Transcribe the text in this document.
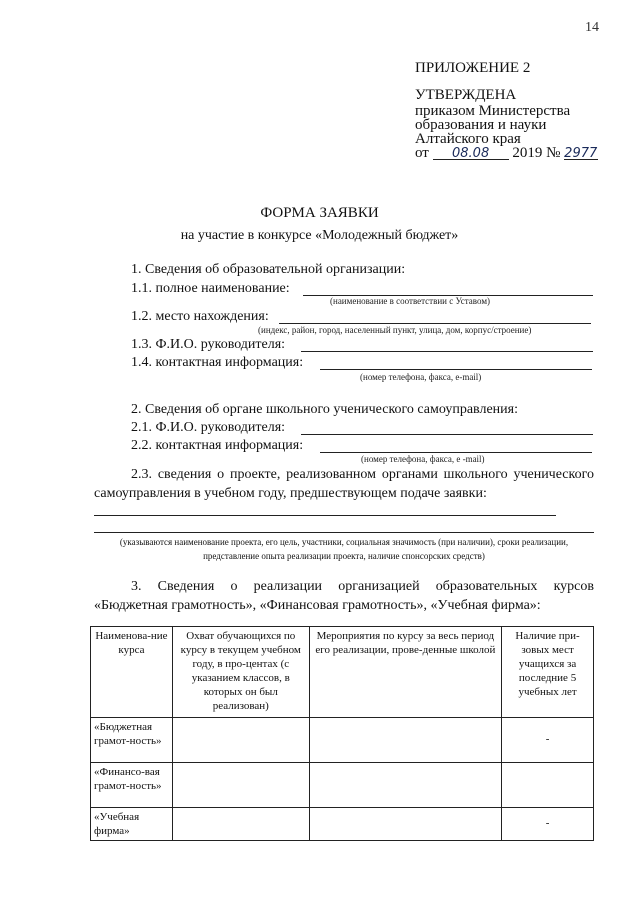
14
ПРИЛОЖЕНИЕ 2
УТВЕРЖДЕНА
приказом Министерства
образования и науки
Алтайского края
от 08.08 2019 № 2977
ФОРМА ЗАЯВКИ
на участие в конкурсе «Молодежный бюджет»
1. Сведения об образовательной организации:
1.1. полное наименование:
(наименование в соответствии с Уставом)
1.2. место нахождения:
(индекс, район, город, населенный пункт, улица, дом, корпус/строение)
1.3. Ф.И.О. руководителя:
1.4. контактная информация:
(номер телефона, факса, e-mail)
2. Сведения об органе школьного ученического самоуправления:
2.1. Ф.И.О. руководителя:
2.2. контактная информация:
(номер телефона, факса, e -mail)
2.3. сведения о проекте, реализованном органами школьного ученического самоуправления в учебном году, предшествующем подаче заявки:
(указываются наименование проекта, его цель, участники, социальная значимость (при наличии), сроки реализации, представление опыта реализации проекта, наличие спонсорских средств)
3. Сведения о реализации организацией образовательных курсов «Бюджетная грамотность», «Финансовая грамотность», «Учебная фирма»:
Наименова-ние курса	Охват обучающихся по курсу в текущем учебном году, в про-центах (с указанием классов, в которых он был реализован)	Мероприятия по курсу за весь период его реализации, прове-денные школой	Наличие при-зовых мест учащихся за последние 5 учебных лет
«Бюджетная грамот-ность»			-
«Финансо-вая грамот-ность»			
«Учебная фирма»			-
